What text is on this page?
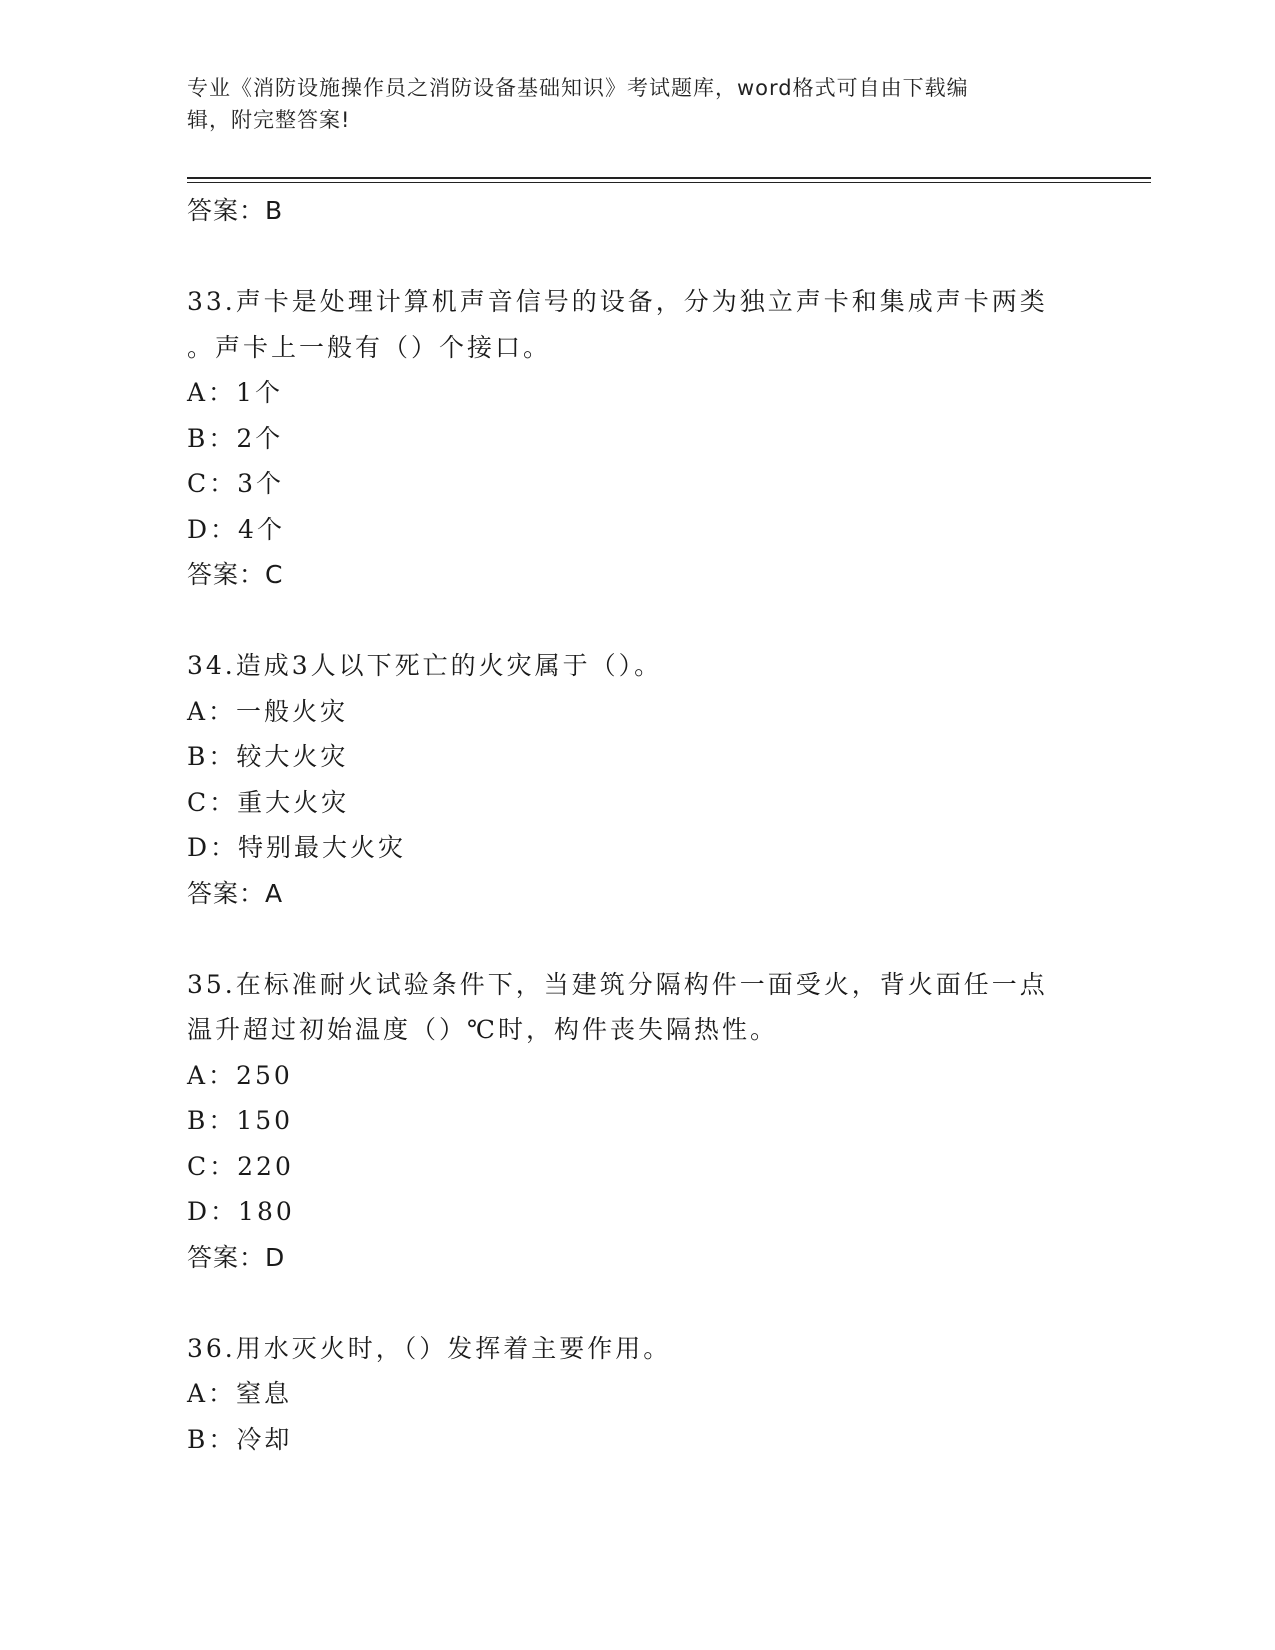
专业《消防设施操作员之消防设备基础知识》考试题库，word格式可自由下载编
辑，附完整答案!
答案：B
33.声卡是处理计算机声音信号的设备，分为独立声卡和集成声卡两类
。声卡上一般有（）个接口。
A：1个
B：2个
C：3个
D：4个
答案：C
34.造成3人以下死亡的火灾属于（）。
A：一般火灾
B：较大火灾
C：重大火灾
D：特别最大火灾
答案：A
35.在标准耐火试验条件下，当建筑分隔构件一面受火，背火面任一点
温升超过初始温度（）℃时，构件丧失隔热性。
A：250
B：150
C：220
D：180
答案：D
36.用水灭火时，（）发挥着主要作用。
A：窒息
B：冷却
